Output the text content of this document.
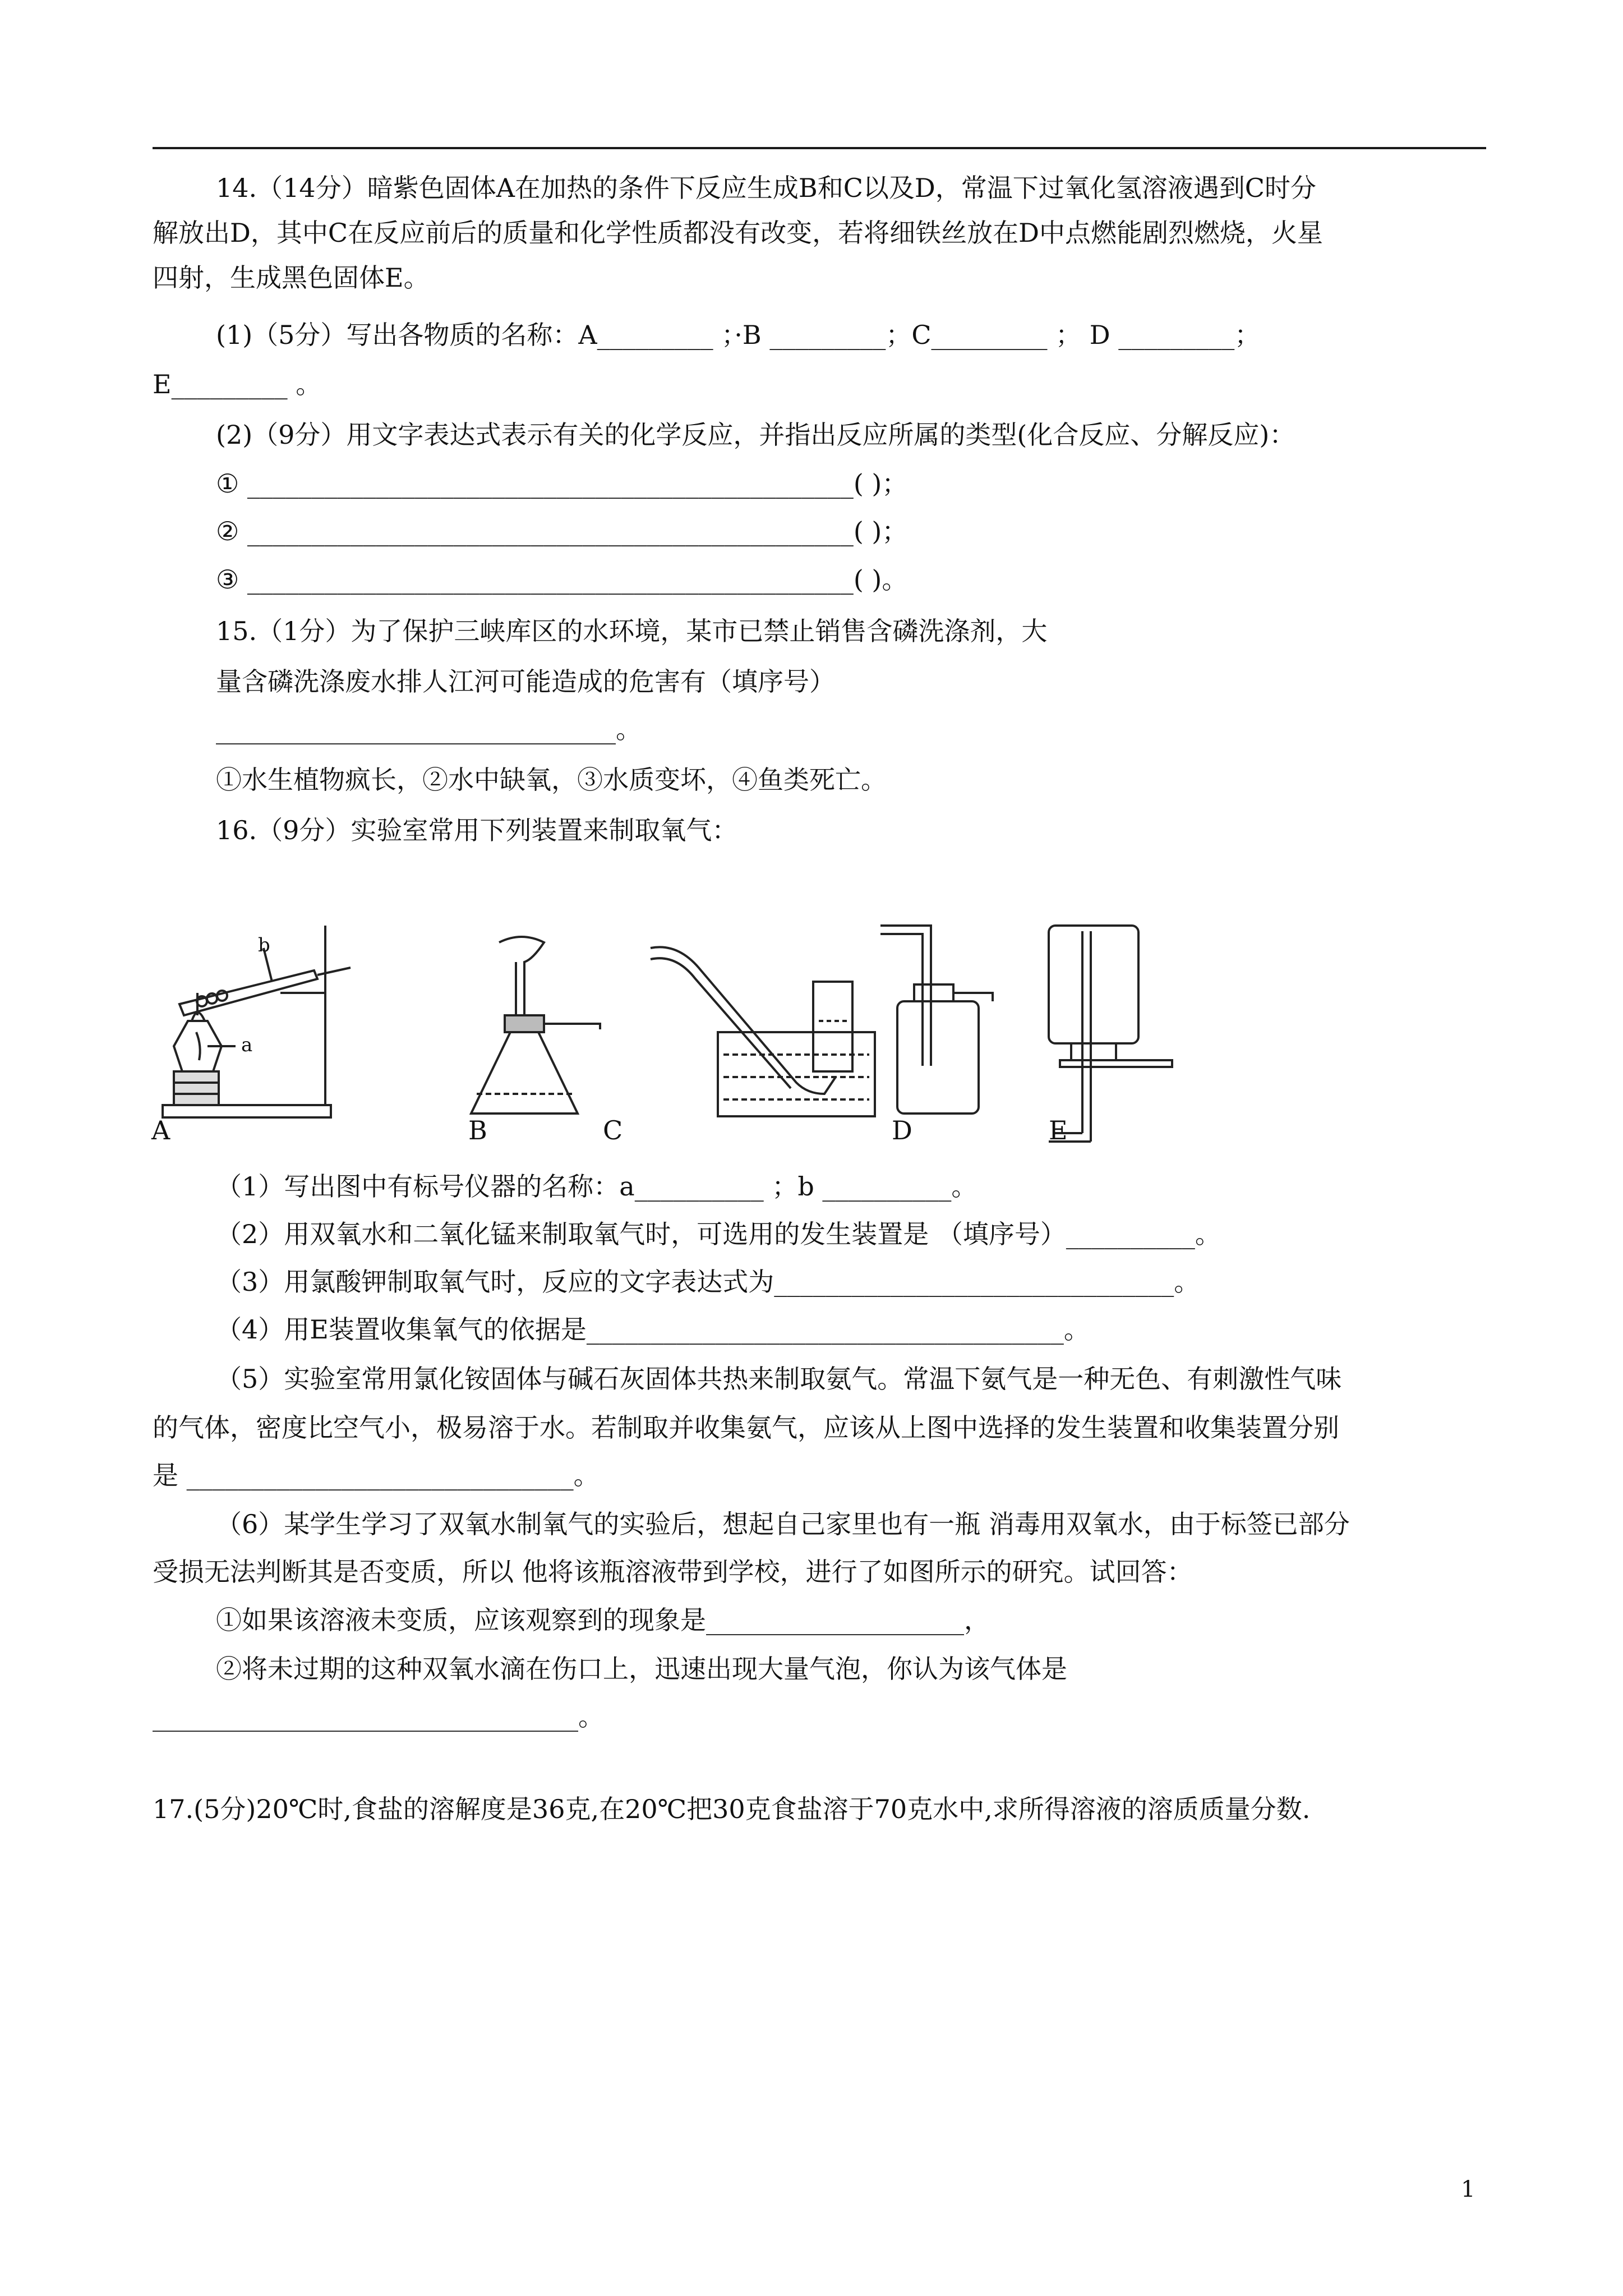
14.（14分）暗紫色固体A在加热的条件下反应生成B和C以及D，常温下过氧化氢溶液遇到C时分
解放出D，其中C在反应前后的质量和化学性质都没有改变，若将细铁丝放在D中点燃能剧烈燃烧，火星
四射，生成黑色固体E。
(1)（5分）写出各物质的名称：A_________ ；·B _________；C_________ ； D _________；
E_________ 。
(2)（9分）用文字表达式表示有关的化学反应，并指出反应所属的类型(化合反应、分解反应)：
① _______________________________________________( )；
② _______________________________________________( )；
③ _______________________________________________( )。
15.（1分）为了保护三峡库区的水环境，某市已禁止销售含磷洗涤剂，大
量含磷洗涤废水排人江河可能造成的危害有（填序号）
_______________________________。
①水生植物疯长，②水中缺氧，③水质变坏，④鱼类死亡。
16.（9分）实验室常用下列装置来制取氧气：
A	B	C	D	E
a
b
（1）写出图中有标号仪器的名称：a__________ ；b __________。
（2）用双氧水和二氧化锰来制取氧气时，可选用的发生装置是 （填序号）__________。
（3）用氯酸钾制取氧气时，反应的文字表达式为_______________________________。
（4）用E装置收集氧气的依据是_____________________________________。
（5）实验室常用氯化铵固体与碱石灰固体共热来制取氨气。常温下氨气是一种无色、有刺激性气味
的气体，密度比空气小，极易溶于水。若制取并收集氨气，应该从上图中选择的发生装置和收集装置分别
是 ______________________________。
（6）某学生学习了双氧水制氧气的实验后，想起自己家里也有一瓶 消毒用双氧水，由于标签已部分
受损无法判断其是否变质，所以 他将该瓶溶液带到学校，进行了如图所示的研究。试回答：
①如果该溶液未变质，应该观察到的现象是____________________，
②将未过期的这种双氧水滴在伤口上，迅速出现大量气泡，你认为该气体是
_________________________________。
17.(5分)20℃时,食盐的溶解度是36克,在20℃把30克食盐溶于70克水中,求所得溶液的溶质质量分数.
1
